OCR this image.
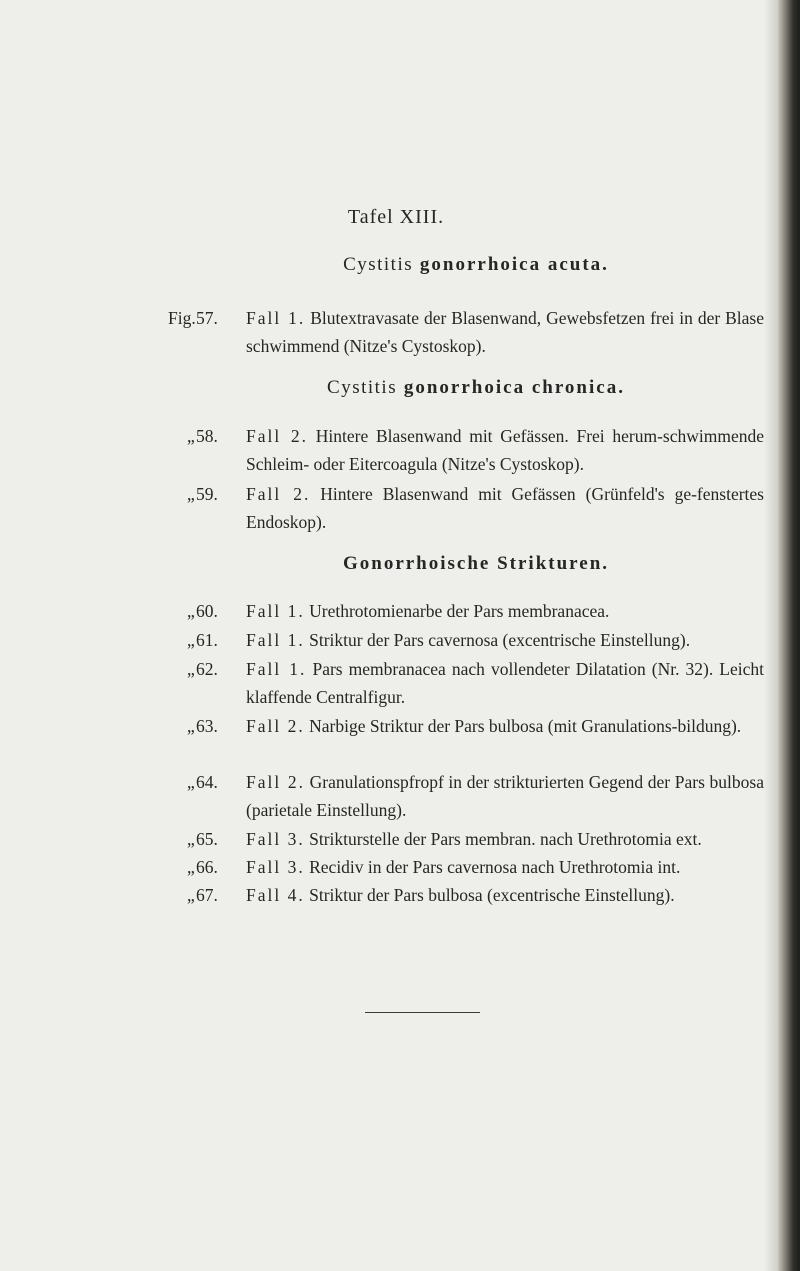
Tafel XIII.
Cystitis gonorrhoica acuta.
Fig. 57. Fall 1. Blutextravasate der Blasenwand, Gewebsfetzen frei in der Blase schwimmend (Nitze's Cystoskop).
Cystitis gonorrhoica chronica.
„ 58. Fall 2. Hintere Blasenwand mit Gefässen. Frei herum-schwimmende Schleim- oder Eitercoagula (Nitze's Cystoskop).
„ 59. Fall 2. Hintere Blasenwand mit Gefässen (Grünfeld's ge-fenstertes Endoskop).
Gonorrhoische Strikturen.
„ 60. Fall 1. Urethrotomienarbe der Pars membranacea.
„ 61. Fall 1. Striktur der Pars cavernosa (excentrische Einstellung).
„ 62. Fall 1. Pars membranacea nach vollendeter Dilatation (Nr. 32). Leicht klaffende Centralfigur.
„ 63. Fall 2. Narbige Striktur der Pars bulbosa (mit Granulations-bildung).
„ 64. Fall 2. Granulationspfropf in der strikturierten Gegend der Pars bulbosa (parietale Einstellung).
„ 65. Fall 3. Strikturstelle der Pars membran. nach Urethrotomia ext.
„ 66. Fall 3. Recidiv in der Pars cavernosa nach Urethrotomia int.
„ 67. Fall 4. Striktur der Pars bulbosa (excentrische Einstellung).
